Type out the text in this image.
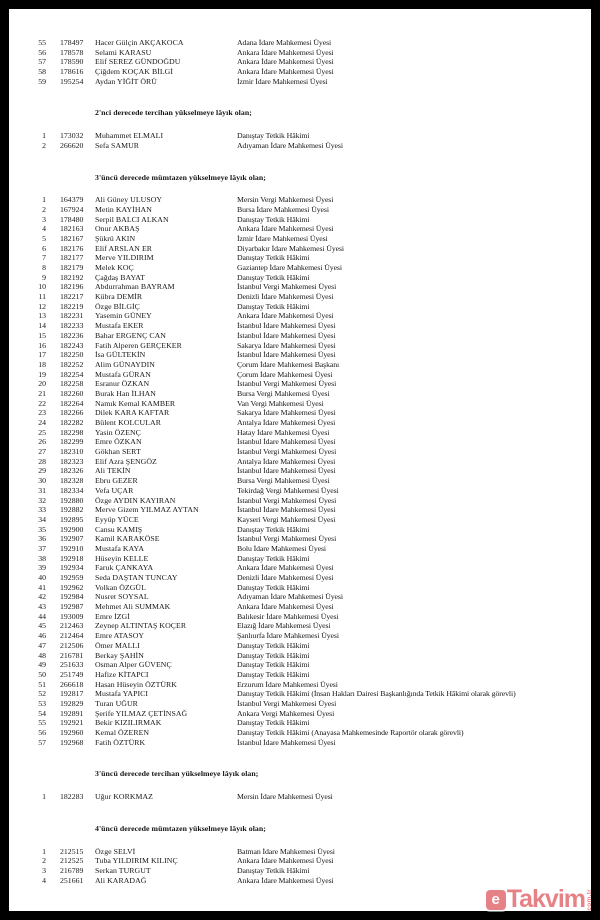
55	178497	Hacer Gülçin AKÇAKOCA	Adana İdare Mahkemesi Üyesi
56	178578	Selami KARASU	Ankara İdare Mahkemesi Üyesi
57	178590	Elif SEREZ GÜNDOĞDU	Ankara İdare Mahkemesi Üyesi
58	178616	Çiğdem KOÇAK BİLGİ	Ankara İdare Mahkemesi Üyesi
59	195254	Aydan YİĞİT ÖRÜ	İzmir İdare Mahkemesi Üyesi
2'nci derecede tercihan yükselmeye lâyık olan;
1	173032	Muhammet ELMALI	Danıştay Tetkik Hâkimi
2	266620	Sefa SAMUR	Adıyaman İdare Mahkemesi Üyesi
3'üncü derecede mümtazen yükselmeye lâyık olan;
1	164379	Ali Güney ULUSOY	Mersin Vergi Mahkemesi Üyesi
2	167924	Metin KAYİHAN	Bursa İdare Mahkemesi Üyesi
3	178480	Serpil BALCI ALKAN	Danıştay Tetkik Hâkimi
4	182163	Onur AKBAŞ	Ankara İdare Mahkemesi Üyesi
5	182167	Şükrü AKIN	İzmir İdare Mahkemesi Üyesi
6	182176	Elif ARSLAN ER	Diyarbakır İdare Mahkemesi Üyesi
7	182177	Merve YILDIRIM	Danıştay Tetkik Hâkimi
8	182179	Melek KOÇ	Gaziantep İdare Mahkemesi Üyesi
9	182192	Çağdaş BAYAT	Danıştay Tetkik Hâkimi
10	182196	Abdurrahman BAYRAM	İstanbul Vergi Mahkemesi Üyesi
11	182217	Kübra DEMİR	Denizli İdare Mahkemesi Üyesi
12	182219	Özge BİLGİÇ	Danıştay Tetkik Hâkimi
13	182231	Yasemin GÜNEY	Ankara İdare Mahkemesi Üyesi
14	182233	Mustafa EKER	İstanbul İdare Mahkemesi Üyesi
15	182236	Bahar ERGENÇ CAN	İstanbul İdare Mahkemesi Üyesi
16	182243	Fatih Alperen GERÇEKER	Sakarya İdare Mahkemesi Üyesi
17	182250	İsa GÜLTEKİN	İstanbul İdare Mahkemesi Üyesi
18	182252	Alim GÜNAYDIN	Çorum İdare Mahkemesi Başkanı
19	182254	Mustafa GÜRAN	Çorum İdare Mahkemesi Üyesi
20	182258	Esranur ÖZKAN	İstanbul Vergi Mahkemesi Üyesi
21	182260	Burak Han İLHAN	Bursa Vergi Mahkemesi Üyesi
22	182264	Namık Kemal KAMBER	Van Vergi Mahkemesi Üyesi
23	182266	Dilek KARA KAFTAR	Sakarya İdare Mahkemesi Üyesi
24	182282	Bülent KOLCULAR	Antalya İdare Mahkemesi Üyesi
25	182298	Yasin ÖZENÇ	Hatay İdare Mahkemesi Üyesi
26	182299	Emre ÖZKAN	İstanbul İdare Mahkemesi Üyesi
27	182310	Gökhan SERT	İstanbul Vergi Mahkemesi Üyesi
28	182323	Elif Azra ŞENGÖZ	Antalya İdare Mahkemesi Üyesi
29	182326	Ali TEKİN	İstanbul İdare Mahkemesi Üyesi
30	182328	Ebru GEZER	Bursa Vergi Mahkemesi Üyesi
31	182334	Vefa UÇAR	Tekirdağ Vergi Mahkemesi Üyesi
32	192880	Özge AYDIN KAYIRAN	İstanbul Vergi Mahkemesi Üyesi
33	192882	Merve Gizem YILMAZ AYTAN	İstanbul İdare Mahkemesi Üyesi
34	192895	Eyyüp YÜCE	Kayseri Vergi Mahkemesi Üyesi
35	192900	Cansu KAMIŞ	Danıştay Tetkik Hâkimi
36	192907	Kamil KARAKÖSE	İstanbul Vergi Mahkemesi Üyesi
37	192910	Mustafa KAYA	Bolu İdare Mahkemesi Üyesi
38	192918	Hüseyin KELLE	Danıştay Tetkik Hâkimi
39	192934	Faruk ÇANKAYA	Ankara İdare Mahkemesi Üyesi
40	192959	Seda DAŞTAN TUNCAY	Denizli İdare Mahkemesi Üyesi
41	192962	Volkan ÖZGÜL	Danıştay Tetkik Hâkimi
42	192984	Nusret SOYSAL	Adıyaman İdare Mahkemesi Üyesi
43	192987	Mehmet Ali SUMMAK	Ankara İdare Mahkemesi Üyesi
44	193009	Emre İZGİ	Balıkesir İdare Mahkemesi Üyesi
45	212463	Zeynep ALTINTAŞ KOÇER	Elazığ İdare Mahkemesi Üyesi
46	212464	Emre ATASOY	Şanlıurfa İdare Mahkemesi Üyesi
47	212506	Ömer MALLI	Danıştay Tetkik Hâkimi
48	216781	Berkay ŞAHİN	Danıştay Tetkik Hâkimi
49	251633	Osman Alper GÜVENÇ	Danıştay Tetkik Hâkimi
50	251749	Hafize KİTAPCI	Danıştay Tetkik Hâkimi
51	266618	Hasan Hüseyin ÖZTÜRK	Erzurum İdare Mahkemesi Üyesi
52	192817	Mustafa YAPICI	Danıştay Tetkik Hâkimi (İnsan Hakları Dairesi Başkanlığında Tetkik Hâkimi olarak görevli)
53	192829	Turan UĞUR	İstanbul Vergi Mahkemesi Üyesi
54	192891	Şerife YILMAZ ÇETİNSAĞ	Ankara Vergi Mahkemesi Üyesi
55	192921	Bekir KIZILIRMAK	Danıştay Tetkik Hâkimi
56	192960	Kemal ÖZEREN	Danıştay Tetkik Hâkimi (Anayasa Mahkemesinde Raportör olarak görevli)
57	192968	Fatih ÖZTÜRK	İstanbul İdare Mahkemesi Üyesi
3'üncü derecede tercihan yükselmeye lâyık olan;
1	182283	Uğur KORKMAZ	Mersin İdare Mahkemesi Üyesi
4'üncü derecede mümtazen yükselmeye lâyık olan;
1	212515	Özge SELVİ	Batman İdare Mahkemesi Üyesi
2	212525	Tuba YILDIRIM KILINÇ	Ankara İdare Mahkemesi Üyesi
3	216789	Serkan TURGUT	Danıştay Tetkik Hâkimi
4	251661	Ali KARADAĞ	Ankara İdare Mahkemesi Üyesi
e Takvim com.tr
